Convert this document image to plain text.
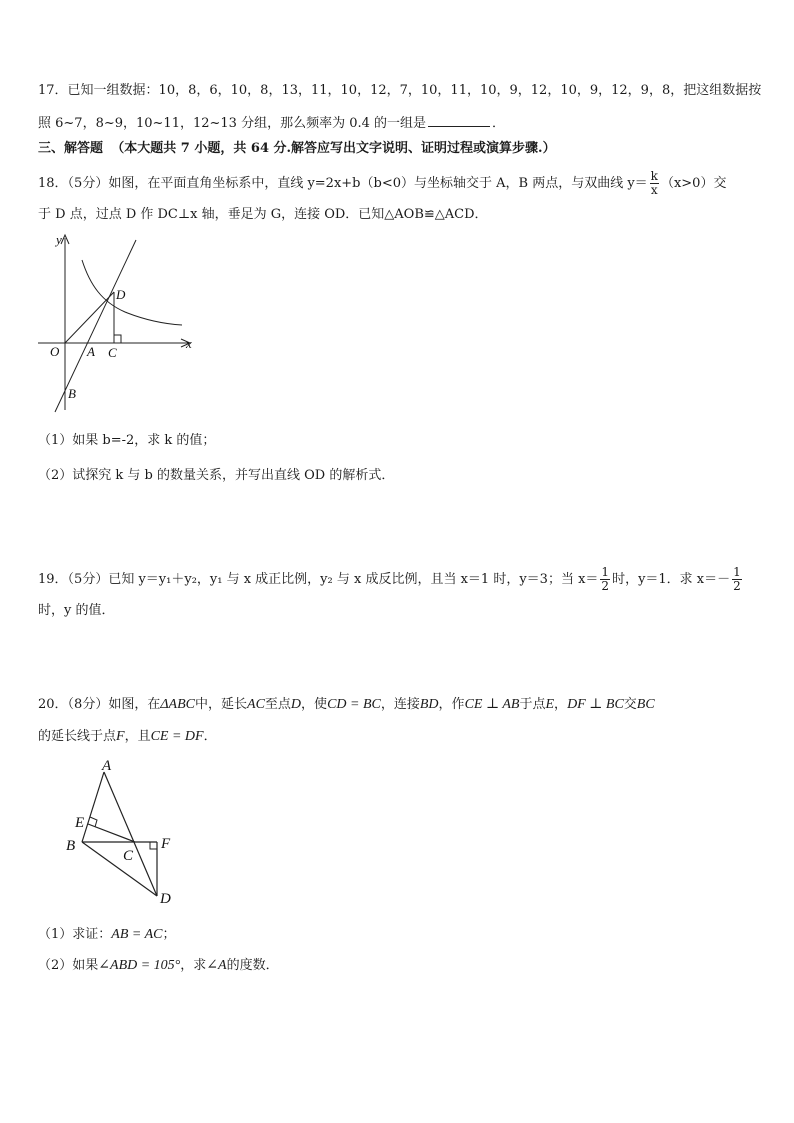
17．已知一组数据：10，8，6，10，8，13，11，10，12，7，10，11，10，9，12，10，9，12，9，8，把这组数据按
照 6~7，8~9，10~11，12~13 分组，那么频率为 0.4 的一组是	．
三、解答题 （本大题共 7 小题，共 64 分.解答应写出文字说明、证明过程或演算步骤.）
18．（5分）如图，在平面直角坐标系中，直线 y=2x+b（b<0）与坐标轴交于 A，B 两点，与双曲线 $y= \frac{k}{x} (x>0)$交
于 D 点，过点 D 作 DC⊥x 轴，垂足为 G，连接 OD．已知△AOB≌△ACD．
y
x
O A C
D
B
（1）如果 b=-2，求 k 的值；
（2）试探究 k 与 b 的数量关系，并写出直线 OD 的解析式．
19．（5分）已知 y＝y₁＋y₂，y₁ 与 x 成正比例，y₂ 与 x 成反比例，且当 x＝1 时，y＝3；当 $x= \frac{1}{2}$ 时，y＝1．求 $x=- \frac{1}{2}$
时，y 的值．
20．（8分）如图，在ΔABC中，延长AC至点D，使CD = BC，连接BD，作CE ⊥ AB于点E，DF ⊥ BC交BC
的延长线于点F，且CE = DF．
A
E
B
C
F
D
（1）求证：AB = AC；
（2）如果∠ABD = 105°，求∠A的度数．
